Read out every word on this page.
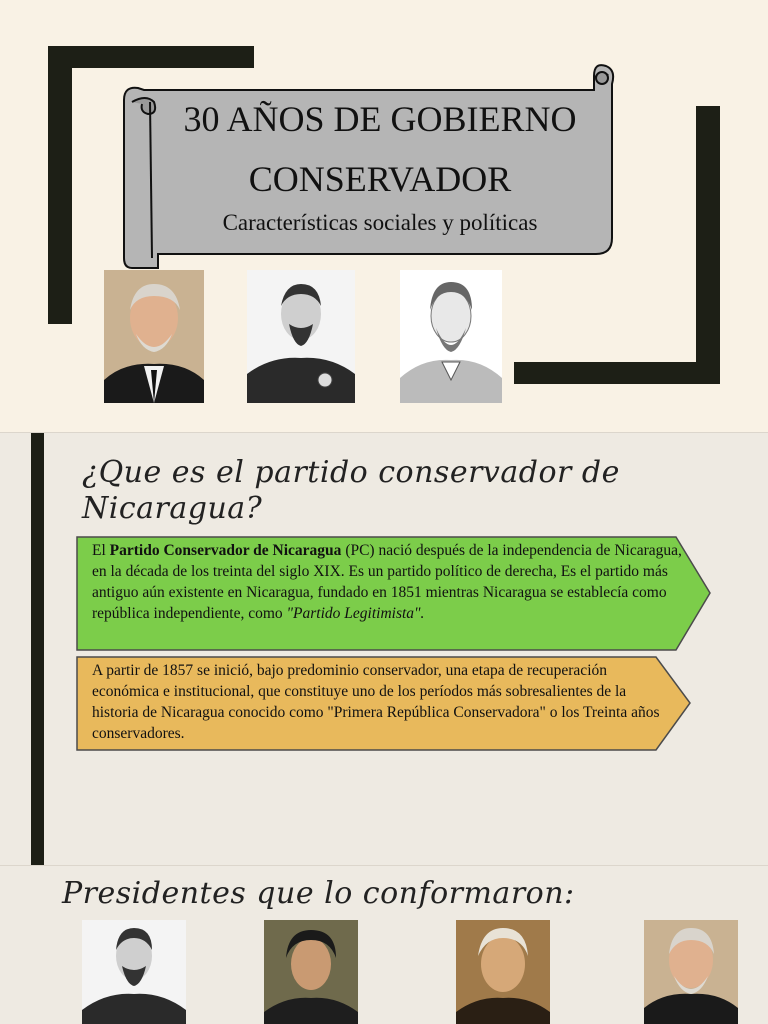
30 AÑOS DE GOBIERNO
CONSERVADOR
Características sociales y políticas
¿Que es el partido conservador de
Nicaragua?
El Partido Conservador de Nicaragua (PC) nació después de la independencia de Nicaragua, en la década de los treinta del siglo XIX. Es un partido político de derecha, Es el partido más antiguo aún existente en Nicaragua, fundado en 1851 mientras Nicaragua se establecía como república independiente, como "Partido Legitimista".
A partir de 1857 se inició, bajo predominio conservador, una etapa de recuperación económica e institucional, que constituye uno de los períodos más sobresalientes de la historia de Nicaragua conocido como "Primera República Conservadora" o los Treinta años conservadores.
Presidentes que lo conformaron:
